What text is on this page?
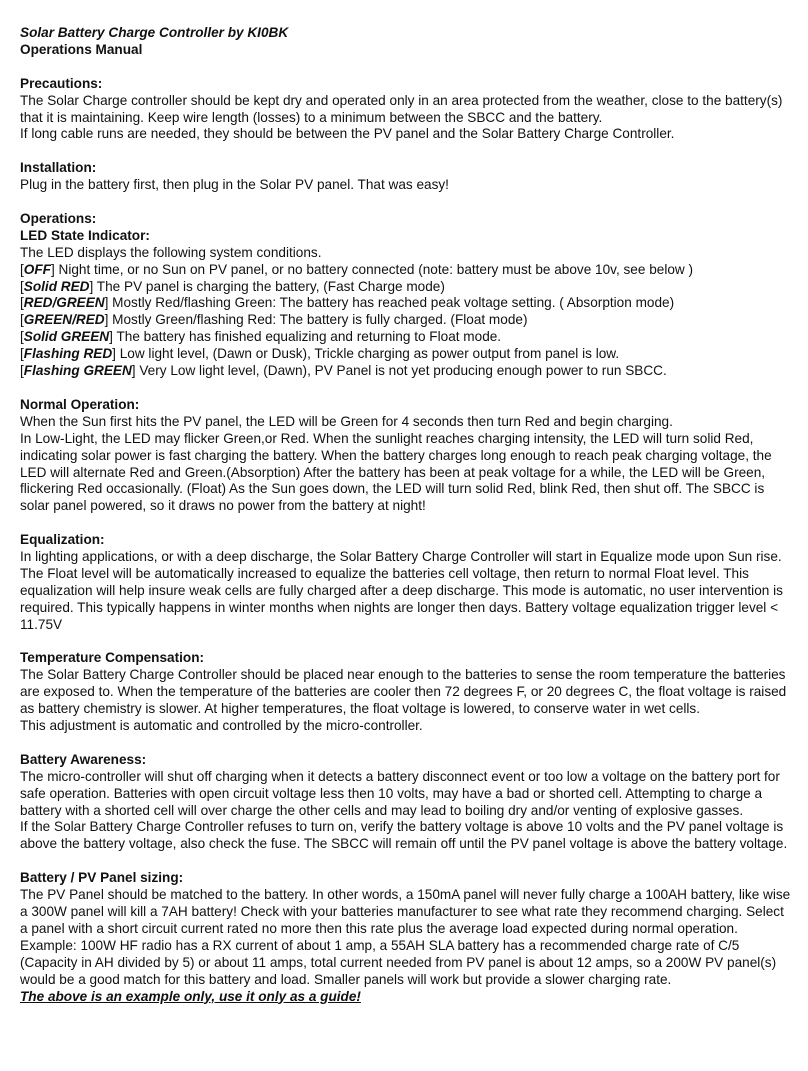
Solar Battery Charge Controller by KI0BK

Operations Manual

Precautions:

The Solar Charge controller should be kept dry and operated only in an area protected from the weather, close to the battery(s) that it is maintaining. Keep wire length (losses) to a minimum between the SBCC and the battery.

If long cable runs are needed, they should be between the PV panel and the Solar Battery Charge Controller.

Installation:

Plug in the battery first, then plug in the Solar PV panel. That was easy!

Operations:

LED State Indicator:

The LED displays the following system conditions.

[OFF] Night time, or no Sun on PV panel, or no battery connected (note: battery must be above 10v, see below )

[Solid RED] The PV panel is charging the battery, (Fast Charge mode)

[RED/GREEN] Mostly Red/flashing Green: The battery has reached peak voltage setting. ( Absorption mode)

[GREEN/RED] Mostly Green/flashing Red: The battery is fully charged. (Float mode)

[Solid GREEN] The battery has finished equalizing and returning to Float mode.

[Flashing RED] Low light level, (Dawn or Dusk), Trickle charging as power output from panel is low.

[Flashing GREEN] Very Low light level, (Dawn), PV Panel is not yet producing enough power to run SBCC.

Normal Operation:

When the Sun first hits the PV panel, the LED will be Green for 4 seconds then turn Red and begin charging.

In Low-Light, the LED may flicker Green,or Red. When the sunlight reaches charging intensity, the LED will turn solid Red, indicating solar power is fast charging the battery. When the battery charges long enough to reach peak charging voltage, the LED will alternate Red and Green.(Absorption) After the battery has been at peak voltage for a while, the LED will be Green, flickering Red occasionally. (Float) As the Sun goes down, the LED will turn solid Red, blink Red, then shut off. The SBCC is solar panel powered, so it draws no power from the battery at night!

Equalization:

In lighting applications, or with a deep discharge, the Solar Battery Charge Controller will start in Equalize mode upon Sun rise. The Float level will be automatically increased to equalize the batteries cell voltage, then return to normal Float level. This equalization will help insure weak cells are fully charged after a deep discharge. This mode is automatic, no user intervention is required. This typically happens in winter months when nights are longer then days. Battery voltage equalization trigger level < 11.75V

Temperature Compensation:

The Solar Battery Charge Controller should be placed near enough to the batteries to sense the room temperature the batteries are exposed to. When the temperature of the batteries are cooler then 72 degrees F, or 20 degrees C, the float voltage is raised as battery chemistry is slower. At higher temperatures, the float voltage is lowered, to conserve water in wet cells.

This adjustment is automatic and controlled by the micro-controller.

Battery Awareness:

The micro-controller will shut off charging when it detects a battery disconnect event or too low a voltage on the battery port for safe operation. Batteries with open circuit voltage less then 10 volts, may have a bad or shorted cell. Attempting to charge a battery with a shorted cell will over charge the other cells and may lead to boiling dry and/or venting of explosive gasses.

If the Solar Battery Charge Controller refuses to turn on, verify the battery voltage is above 10 volts and the PV panel voltage is above the battery voltage, also check the fuse. The SBCC will remain off until the PV panel voltage is above the battery voltage.

Battery / PV Panel sizing:

The PV Panel should be matched to the battery. In other words, a 150mA panel will never fully charge a 100AH battery, like wise a 300W panel will kill a 7AH battery! Check with your batteries manufacturer to see what rate they recommend charging. Select a panel with a short circuit current rated no more then this rate plus the average load expected during normal operation.

Example: 100W HF radio has a RX current of about 1 amp, a 55AH SLA battery has a recommended charge rate of C/5 (Capacity in AH divided by 5) or about 11 amps, total current needed from PV panel is about 12 amps, so a 200W PV panel(s) would be a good match for this battery and load. Smaller panels will work but provide a slower charging rate.

The above is an example only, use it only as a guide!
